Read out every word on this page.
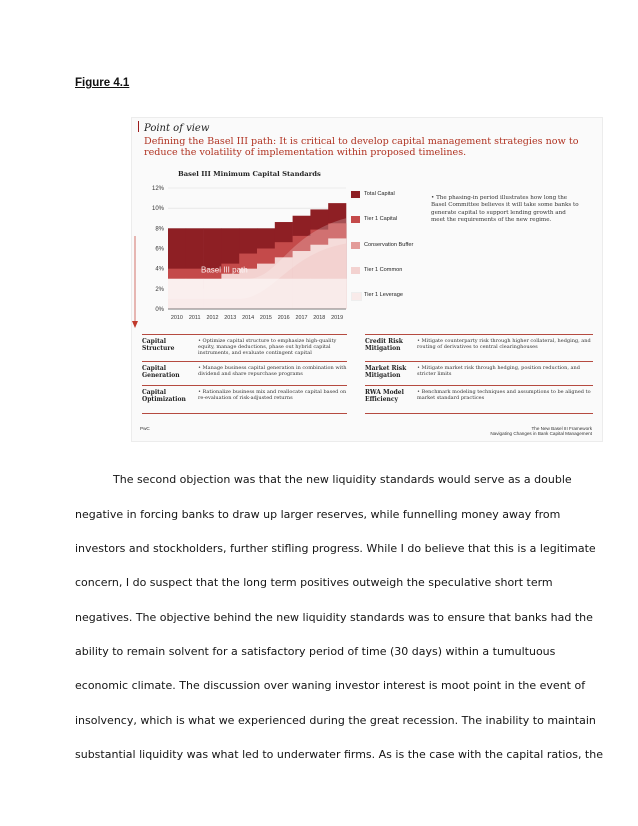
Figure 4.1
Point of view
Defining the Basel III path: It is critical to develop capital management strategies now to reduce the volatility of implementation within proposed timelines.
12%
10%
8%
6%
4%
2%
0%
Basel III path
2010 2011 2012 2013 2014 2015 2016 2017 2018 2019
Basel III Minimum Capital Standards
Total Capital
Tier 1 Capital
Conservation Buffer
Tier 1 Common
Tier 1 Leverage
• The phasing-in period illustrates how long the Basel Committee believes it will take some banks to generate capital to support lending growth and meet the requirements of the new regime.
Capital Structure
• Optimize capital structure to emphasize high-quality equity, manage deductions, phase out hybrid capital instruments, and evaluate contingent capital
Credit Risk Mitigation
• Mitigate counterparty risk through higher collateral, hedging, and routing of derivatives to central clearinghouses
Capital Generation
• Manage business capital generation in combination with dividend and share repurchase programs
Market Risk Mitigation
• Mitigate market risk through hedging, position reduction, and stricter limits
Capital Optimization
• Rationalize business mix and reallocate capital based on re-evaluation of risk-adjusted returns
RWA Model Efficiency
• Benchmark modeling techniques and assumptions to be aligned to market standard practices
PwC	The New Basel III Framework
Navigating Changes in Bank Capital Management
The second objection was that the new liquidity standards would serve as a double
negative in forcing banks to draw up larger reserves, while funnelling money away from
investors and stockholders, further stifling progress. While I do believe that this is a legitimate
concern, I do suspect that the long term positives outweigh the speculative short term
negatives. The objective behind the new liquidity standards was to ensure that banks had the
ability to remain solvent for a satisfactory period of time (30 days) within a tumultuous
economic climate. The discussion over waning investor interest is moot point in the event of
insolvency, which is what we experienced during the great recession. The inability to maintain
substantial liquidity was what led to underwater firms. As is the case with the capital ratios, the
